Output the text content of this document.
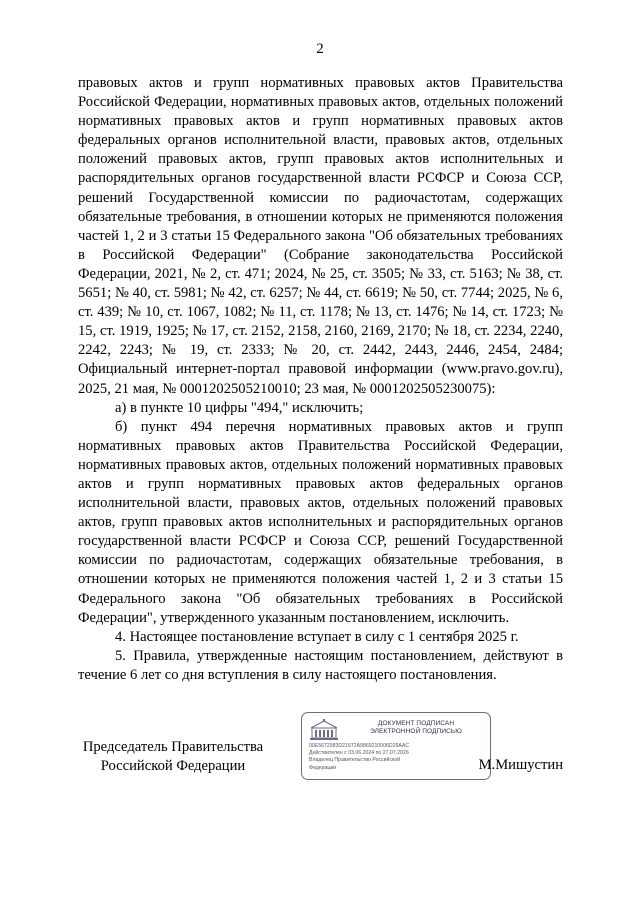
2

правовых актов и групп нормативных правовых актов Правительства Российской Федерации, нормативных правовых актов, отдельных положений нормативных правовых актов и групп нормативных правовых актов федеральных органов исполнительной власти, правовых актов, отдельных положений правовых актов, групп правовых актов исполнительных и распорядительных органов государственной власти РСФСР и Союза ССР, решений Государственной комиссии по радиочастотам, содержащих обязательные требования, в отношении которых не применяются положения частей 1, 2 и 3 статьи 15 Федерального закона "Об обязательных требованиях в Российской Федерации" (Собрание законодательства Российской Федерации, 2021, № 2, ст. 471; 2024, № 25, ст. 3505; № 33, ст. 5163; № 38, ст. 5651; № 40, ст. 5981; № 42, ст. 6257; № 44, ст. 6619; № 50, ст. 7744; 2025, № 6, ст. 439; № 10, ст. 1067, 1082; № 11, ст. 1178; № 13, ст. 1476; № 14, ст. 1723; № 15, ст. 1919, 1925; № 17, ст. 2152, 2158, 2160, 2169, 2170; № 18, ст. 2234, 2240, 2242, 2243; № 19, ст. 2333; № 20, ст. 2442, 2443, 2446, 2454, 2484; Официальный интернет-портал правовой информации (www.pravo.gov.ru), 2025, 21 мая, № 0001202505210010; 23 мая, № 0001202505230075):

а) в пункте 10 цифры "494," исключить;

б) пункт 494 перечня нормативных правовых актов и групп нормативных правовых актов Правительства Российской Федерации, нормативных правовых актов, отдельных положений нормативных правовых актов и групп нормативных правовых актов федеральных органов исполнительной власти, правовых актов, отдельных положений правовых актов, групп правовых актов исполнительных и распорядительных органов государственной власти РСФСР и Союза ССР, решений Государственной комиссии по радиочастотам, содержащих обязательные требования, в отношении которых не применяются положения частей 1, 2 и 3 статьи 15 Федерального закона "Об обязательных требованиях в Российской Федерации", утвержденного указанным постановлением, исключить.

4. Настоящее постановление вступает в силу с 1 сентября 2025 г.

5. Правила, утвержденные настоящим постановлением, действуют в течение 6 лет со дня вступления в силу настоящего постановления.

Председатель Правительства
Российской Федерации
ДОКУМЕНТ ПОДПИСАН
ЭЛЕКТРОННОЙ ПОДПИСЬЮ
00E5672983D21672A9869210006D29AAC
Действителен с 03.06.2024 по 27.07.2026
Владелец Правительство Российской
Федерации	М.Мишустин
